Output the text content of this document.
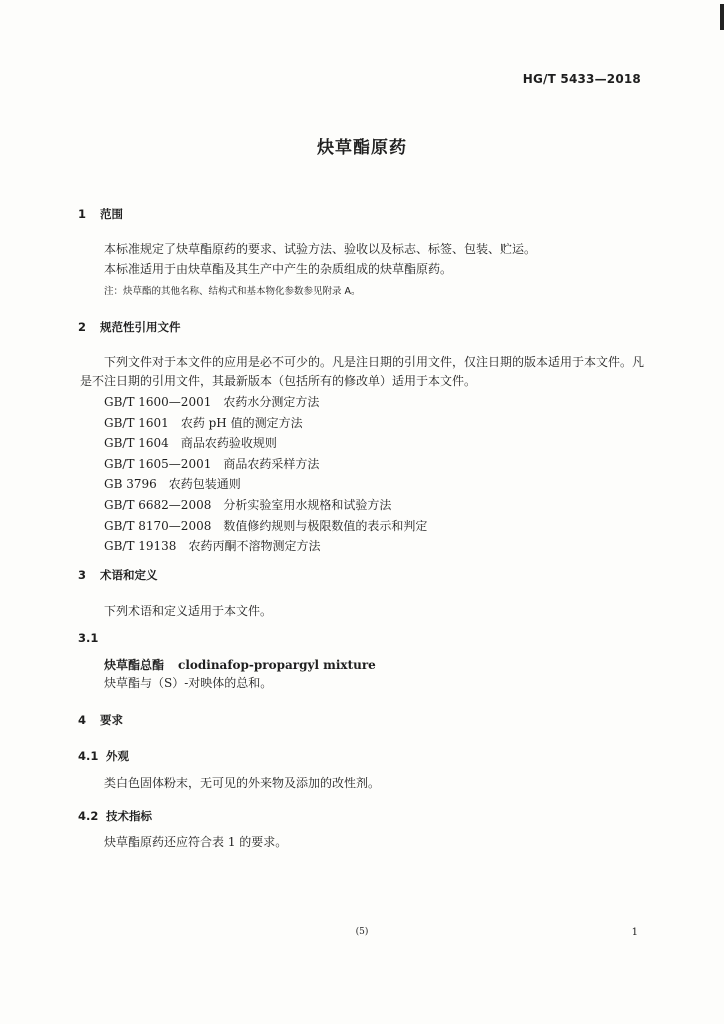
HG/T 5433—2018
炔草酯原药
1 范围
本标准规定了炔草酯原药的要求、试验方法、验收以及标志、标签、包装、贮运。
本标准适用于由炔草酯及其生产中产生的杂质组成的炔草酯原药。
注：炔草酯的其他名称、结构式和基本物化参数参见附录 A。
2 规范性引用文件
下列文件对于本文件的应用是必不可少的。凡是注日期的引用文件，仅注日期的版本适用于本文件。凡是不注日期的引用文件，其最新版本（包括所有的修改单）适用于本文件。
GB/T 1600—2001 农药水分测定方法
GB/T 1601 农药 pH 值的测定方法
GB/T 1604 商品农药验收规则
GB/T 1605—2001 商品农药采样方法
GB 3796 农药包装通则
GB/T 6682—2008 分析实验室用水规格和试验方法
GB/T 8170—2008 数值修约规则与极限数值的表示和判定
GB/T 19138 农药丙酮不溶物测定方法
3 术语和定义
下列术语和定义适用于本文件。
3.1
炔草酯总酯 clodinafop-propargyl mixture
炔草酯与（S）-对映体的总和。
4 要求
4.1 外观
类白色固体粉末，无可见的外来物及添加的改性剂。
4.2 技术指标
炔草酯原药还应符合表 1 的要求。
(5)	1
